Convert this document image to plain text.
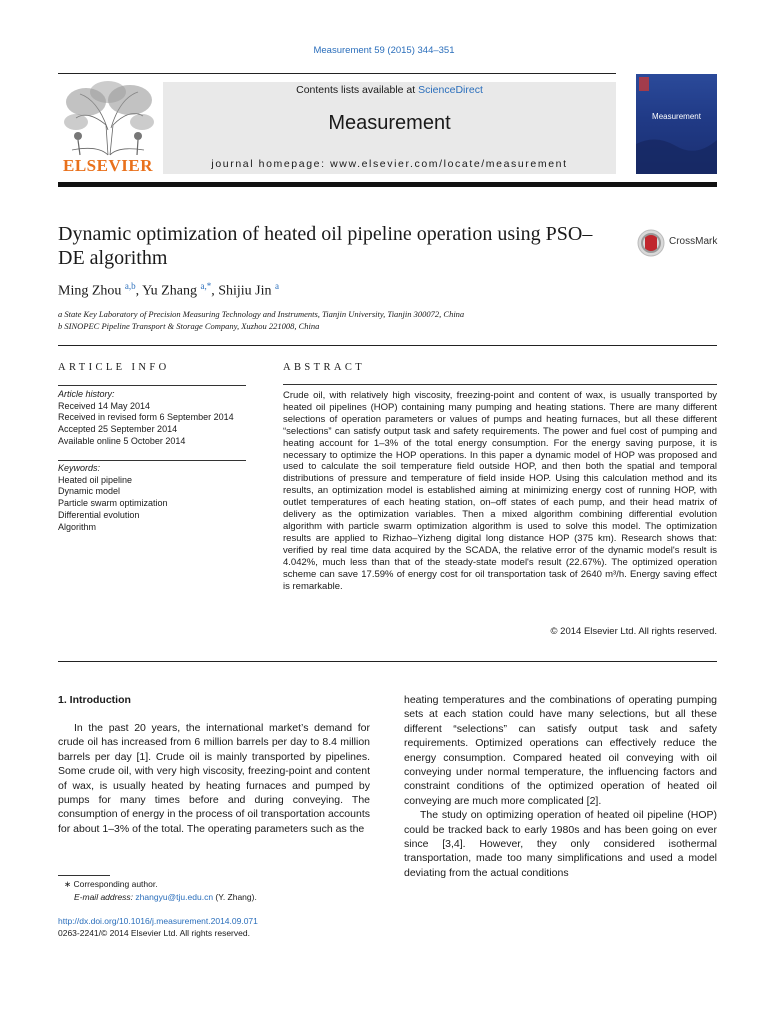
Measurement 59 (2015) 344–351
ELSEVIER
Contents lists available at ScienceDirect
Measurement
journal homepage: www.elsevier.com/locate/measurement
Measurement
Dynamic optimization of heated oil pipeline operation using PSO–DE algorithm
CrossMark
Ming Zhou $^{a,b}$, Yu Zhang $^{a,*}$, Shijiu Jin $^a$
a State Key Laboratory of Precision Measuring Technology and Instruments, Tianjin University, Tianjin 300072, China
b SINOPEC Pipeline Transport & Storage Company, Xuzhou 221008, China
ARTICLE INFO
Article history:
Received 14 May 2014
Received in revised form 6 September 2014
Accepted 25 September 2014
Available online 5 October 2014
Keywords:
Heated oil pipeline
Dynamic model
Particle swarm optimization
Differential evolution
Algorithm
ABSTRACT
Crude oil, with relatively high viscosity, freezing-point and content of wax, is usually transported by heated oil pipelines (HOP) containing many pumping and heating stations. There are many different selections of operation parameters or values of pumps and heating furnaces, but all these different “selections” can satisfy output task and safety requirements. The power and fuel cost of pumping and heating account for 1–3% of the total energy consumption. For the energy saving purpose, it is necessary to optimize the HOP operations. In this paper a dynamic model of HOP was proposed and used to calculate the soil temperature field outside HOP, and then both the spatial and temporal distributions of pressure and temperature of field inside HOP. Using this calculation method and its results, an optimization model is established aiming at minimizing energy cost of running HOP, with outlet temperatures of each heating station, on–off states of each pump, and their head matrix of delivery as the optimization variables. Then a mixed algorithm combining differential evolution algorithm with particle swarm optimization algorithm is used to solve this model. The optimization results are applied to Rizhao–Yizheng digital long distance HOP (375 km). Research shows that: verified by real time data acquired by the SCADA, the relative error of the dynamic model's result is 4.042%, much less than that of the steady-state model's result (22.67%). The optimized operation scheme can save 17.59% of energy cost for oil transportation task of 2640 m³/h. Energy saving effect is remarkable.
© 2014 Elsevier Ltd. All rights reserved.
1. Introduction

In the past 20 years, the international market’s demand for crude oil has increased from 6 million barrels per day to 8.4 million barrels per day [1]. Crude oil is mainly transported by pipelines. Some crude oil, with very high viscosity, freezing-point and content of wax, is usually heated by heating furnaces and pumped by pumps for many times before and during conveying. The consumption of energy in the process of oil transportation accounts for about 1–3% of the total. The operating parameters such as the

heating temperatures and the combinations of operating pumping sets at each station could have many selections, but all these different “selections” can satisfy output task and safety requirements. Optimized operations can effectively reduce the energy consumption. Compared heated oil conveying with oil conveying under normal temperature, the influencing factors and constraint conditions of the optimized operation of heated oil conveying are much more complicated [2].

The study on optimizing operation of heated oil pipeline (HOP) could be tracked back to early 1980s and has been going on ever since [3,4]. However, they only considered isothermal transportation, made too many simplifications and used a model deviating from the actual conditions

∗ Corresponding author.
E-mail address: zhangyu@tju.edu.cn (Y. Zhang).
http://dx.doi.org/10.1016/j.measurement.2014.09.071
0263-2241/© 2014 Elsevier Ltd. All rights reserved.
